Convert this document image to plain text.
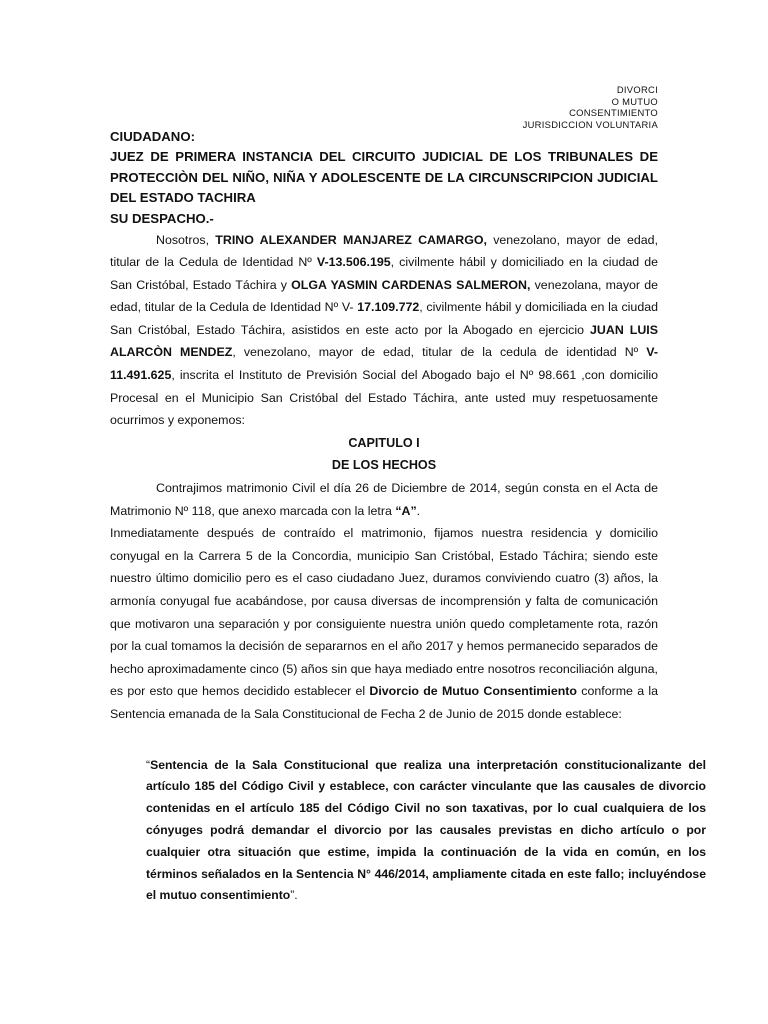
DIVORCI
O MUTUO
CONSENTIMIENTO
JURISDICCION VOLUNTARIA
CIUDADANO:
JUEZ DE PRIMERA INSTANCIA DEL CIRCUITO JUDICIAL DE LOS TRIBUNALES DE PROTECCIÒN DEL NIÑO, NIÑA Y ADOLESCENTE DE LA CIRCUNSCRIPCION JUDICIAL DEL ESTADO TACHIRA
SU DESPACHO.-

Nosotros, TRINO ALEXANDER MANJAREZ CAMARGO, venezolano, mayor de edad, titular de la Cedula de Identidad Nº V-13.506.195, civilmente hábil y domiciliado en la ciudad de San Cristóbal, Estado Táchira y OLGA YASMIN CARDENAS SALMERON, venezolana, mayor de edad, titular de la Cedula de Identidad Nº V- 17.109.772, civilmente hábil y domiciliada en la ciudad San Cristóbal, Estado Táchira, asistidos en este acto por la Abogado en ejercicio JUAN LUIS ALARCÒN MENDEZ, venezolano, mayor de edad, titular de la cedula de identidad Nº V-11.491.625, inscrita el Instituto de Previsión Social del Abogado bajo el Nº 98.661 ,con domicilio Procesal en el Municipio San Cristóbal del Estado Táchira, ante usted muy respetuosamente ocurrimos y exponemos:

CAPITULO I
DE LOS HECHOS

Contrajimos matrimonio Civil el día 26 de Diciembre de 2014, según consta en el Acta de Matrimonio Nº 118, que anexo marcada con la letra “A”.

Inmediatamente después de contraído el matrimonio, fijamos nuestra residencia y domicilio conyugal en la Carrera 5 de la Concordia, municipio San Cristóbal, Estado Táchira; siendo este nuestro último domicilio pero es el caso ciudadano Juez, duramos conviviendo cuatro (3) años, la armonía conyugal fue acabándose, por causa diversas de incomprensión y falta de comunicación que motivaron una separación y por consiguiente nuestra unión quedo completamente rota, razón por la cual tomamos la decisión de separarnos en el año 2017 y hemos permanecido separados de hecho aproximadamente cinco (5) años sin que haya mediado entre nosotros reconciliación alguna, es por esto que hemos decidido establecer el Divorcio de Mutuo Consentimiento conforme a la Sentencia emanada de la Sala Constitucional de Fecha 2 de Junio de 2015 donde establece:

“Sentencia de la Sala Constitucional que realiza una interpretación constitucionalizante del artículo 185 del Código Civil y establece, con carácter vinculante que las causales de divorcio contenidas en el artículo 185 del Código Civil no son taxativas, por lo cual cualquiera de los cónyuges podrá demandar el divorcio por las causales previstas en dicho artículo o por cualquier otra situación que estime, impida la continuación de la vida en común, en los términos señalados en la Sentencia N° 446/2014, ampliamente citada en este fallo; incluyéndose el mutuo consentimiento”.
